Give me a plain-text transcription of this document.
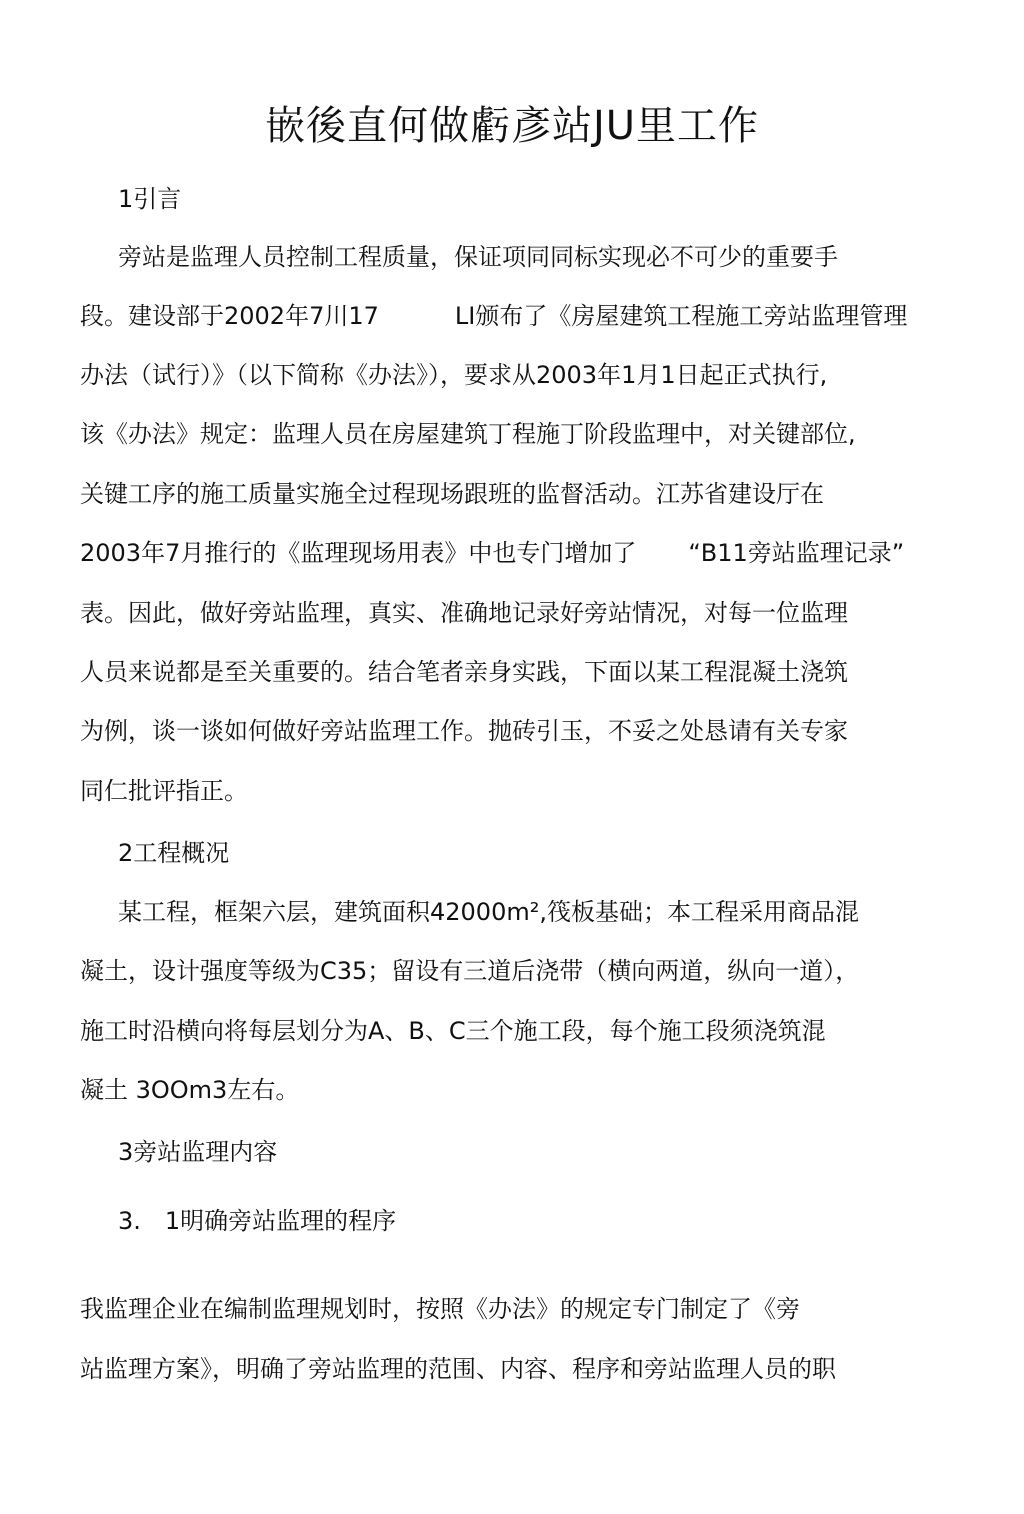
嵌後直何做虧彥站JU里工作
1引言
旁站是监理人员控制工程质量，保证项同同标实现必不可少的重要手
段。建设部于2002年7川17	LI颁布了《房屋建筑工程施工旁站监理管理
办法（试行）》（以下简称《办法》），要求从2003年1月1日起正式执行,
该《办法》规定：监理人员在房屋建筑丁程施丁阶段监理中，对关键部位,
关键工序的施工质量实施全过程现场跟班的监督活动。江苏省建设厅在
2003年7月推行的《监理现场用表》中也专门增加了 “B11旁站监理记录”
表。因此，做好旁站监理，真实、准确地记录好旁站情况，对每一位监理
人员来说都是至关重要的。结合笔者亲身实践，下面以某工程混凝土浇筑
为例，谈一谈如何做好旁站监理工作。抛砖引玉，不妥之处恳请有关专家
同仁批评指正。
2工程概况
某工程，框架六层，建筑面积42000m²,筏板基础；本工程采用商品混
凝土，设计强度等级为C35；留设有三道后浇带（横向两道，纵向一道），
施工时沿横向将每层划分为A、B、C三个施工段，每个施工段须浇筑混
凝土 3OOm3左右。
3旁站监理内容
3.　1明确旁站监理的程序
我监理企业在编制监理规划时，按照《办法》的规定专门制定了《旁
站监理方案》，明确了旁站监理的范围、内容、程序和旁站监理人员的职
